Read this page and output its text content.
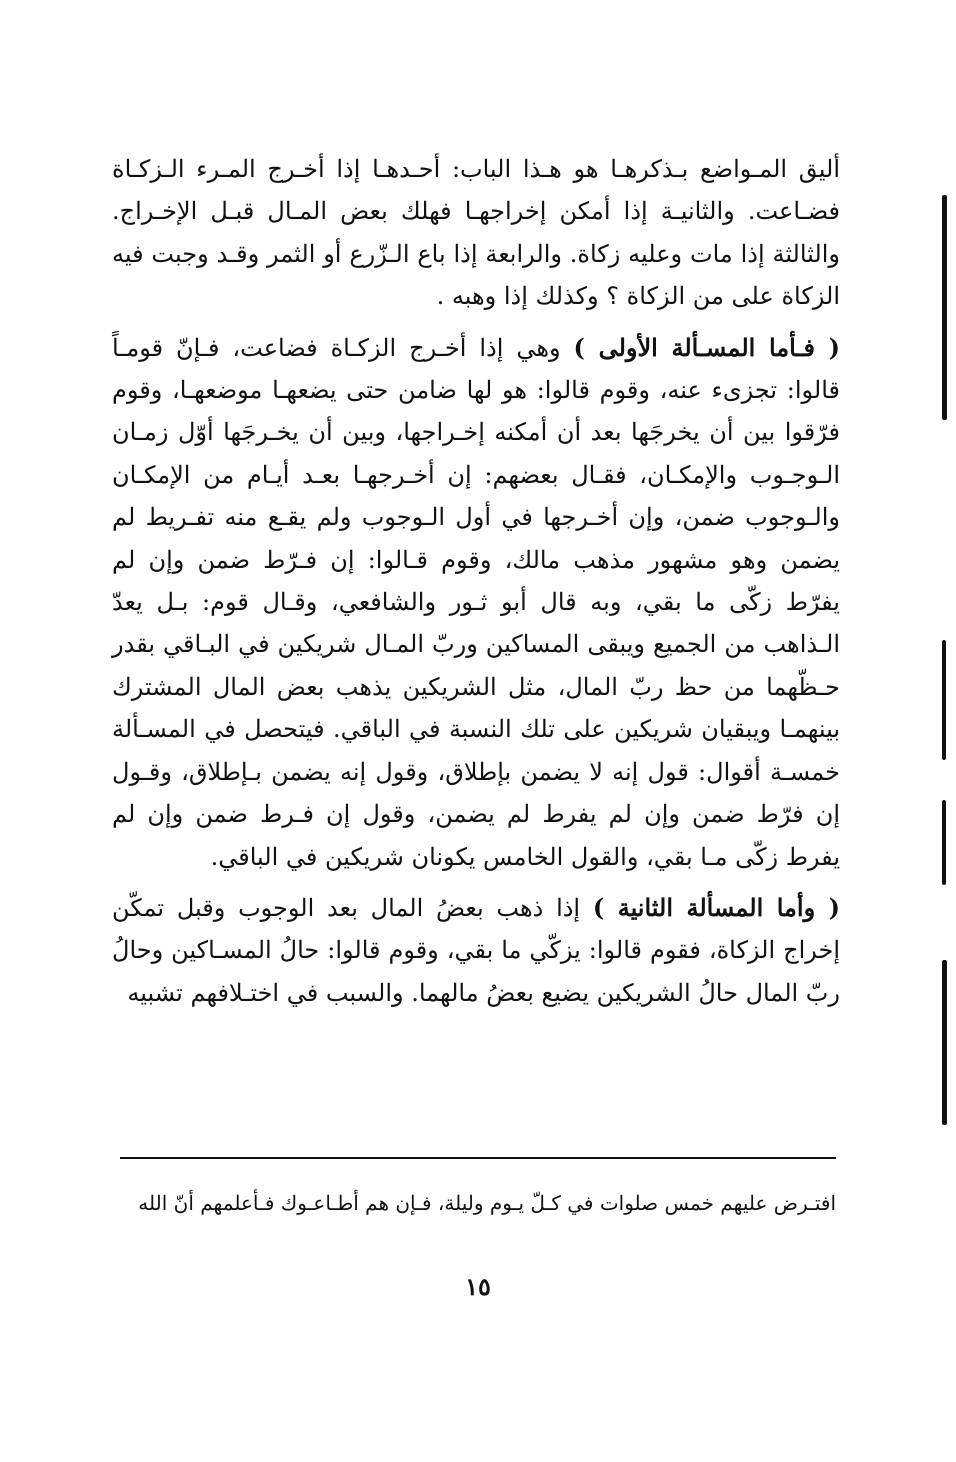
أليق المـواضع بـذكرهـا هو هـذا الباب: أحـدهـا إذا أخـرج المـرء الـزكـاة فضـاعت. والثانيـة إذا أمكن إخراجهـا فهلك بعض المـال قبـل الإخـراج. والثالثة إذا مات وعليه زكاة. والرابعة إذا باع الـزّرع أو الثمر وقـد وجبت فيه الزكاة على من الزكاة ؟ وكذلك إذا وهبه .

( فـأما المسـألة الأولى ) وهي إذا أخـرج الزكـاة فضاعت، فـإنّ قومـاً قالوا: تجزىء عنه، وقوم قالوا: هو لها ضامن حتى يضعهـا موضعهـا، وقوم فرّقوا بين أن يخرجَها بعد أن أمكنه إخـراجها، وبين أن يخـرجَها أوّل زمـان الـوجـوب والإمكـان، فقـال بعضهم: إن أخـرجهـا بعـد أيـام من الإمكـان والـوجوب ضمن، وإن أخـرجها في أول الـوجوب ولم يقـع منه تفـريط لم يضمن وهو مشهور مذهب مالك، وقوم قـالوا: إن فـرّط ضمن وإن لم يفرّط زكّى ما بقي، وبه قال أبو ثـور والشافعي، وقـال قوم: بـل يعدّ الـذاهب من الجميع ويبقى المساكين وربّ المـال شريكين في البـاقي بقدر حـظّهما من حظ ربّ المال، مثل الشريكين يذهب بعض المال المشترك بينهمـا ويبقيان شريكين على تلك النسبة في الباقي. فيتحصل في المسـألة خمسـة أقوال: قول إنه لا يضمن بإطلاق، وقول إنه يضمن بـإطلاق، وقـول إن فرّط ضمن وإن لم يفرط لم يضمن، وقول إن فـرط ضمن وإن لم يفرط زكّى مـا بقي، والقول الخامس يكونان شريكين في الباقي.

( وأما المسألة الثانية ) إذا ذهب بعضُ المال بعد الوجوب وقبل تمكّن إخراج الزكاة، فقوم قالوا: يزكّي ما بقي، وقوم قالوا: حالُ المسـاكين وحالُ ربّ المال حالُ الشريكين يضيع بعضُ مالهما. والسبب في اختـلافهم تشبيه

افتـرض عليهم خمس صلوات في كـلّ يـوم وليلة، فـإن هم أطـاعـوك فـأعلمهم أنّ الله
١٥
